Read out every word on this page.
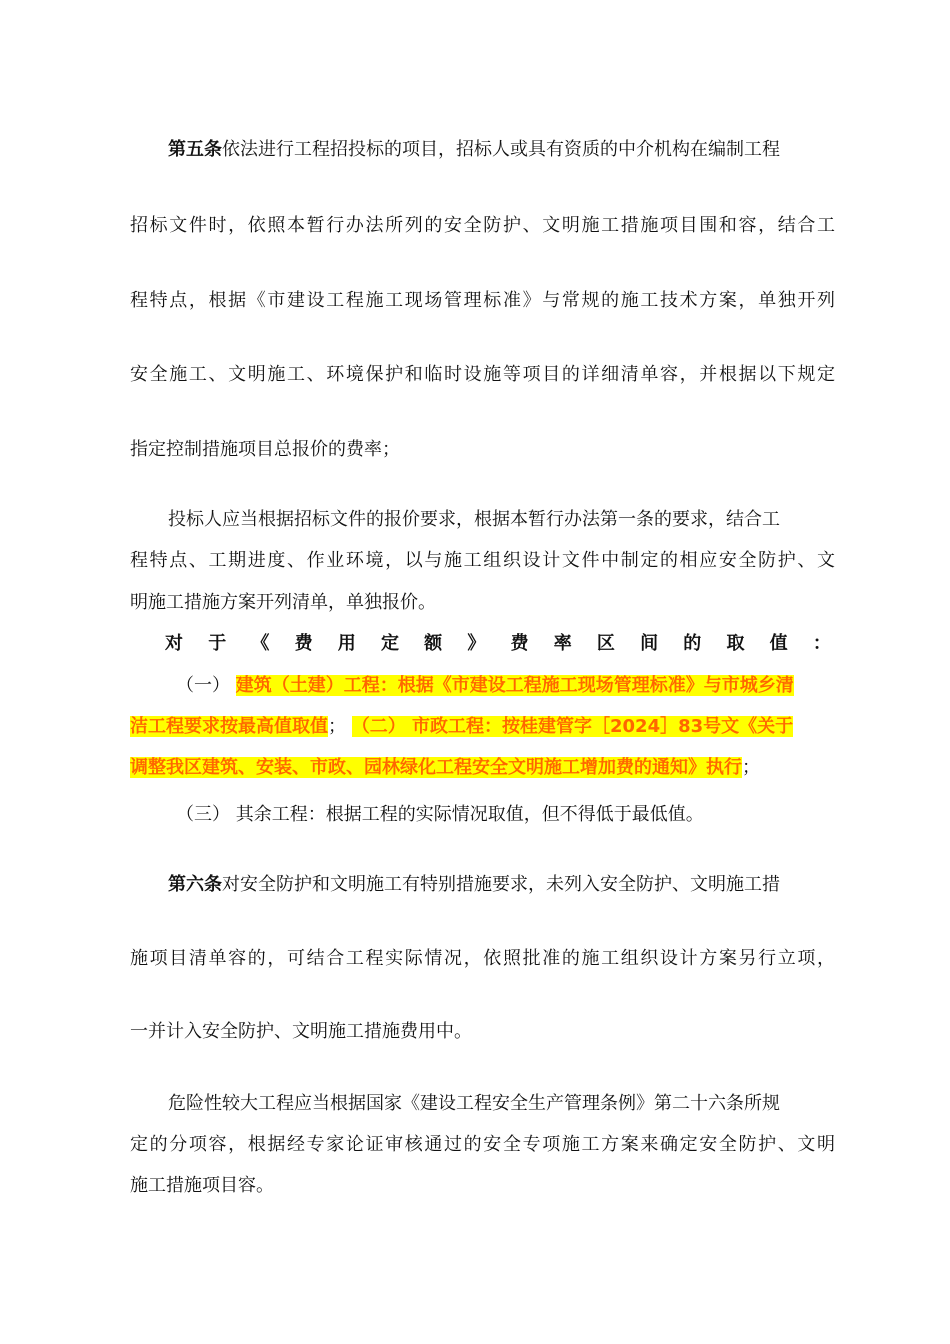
第五条依法进行工程招投标的项目，招标人或具有资质的中介机构在编制工程
招标文件时，依照本暂行办法所列的安全防护、文明施工措施项目围和容，结合工
程特点，根据《市建设工程施工现场管理标准》与常规的施工技术方案，单独开列
安全施工、文明施工、环境保护和临时设施等项目的详细清单容，并根据以下规定
指定控制措施项目总报价的费率；
投标人应当根据招标文件的报价要求，根据本暂行办法第一条的要求，结合工
程特点、工期进度、作业环境，以与施工组织设计文件中制定的相应安全防护、文
明施工措施方案开列清单，单独报价。
对 于 《 费 用 定 额 》 费 率 区 间 的 取 值 ：
（一） 建筑（土建）工程：根据《市建设工程施工现场管理标准》与市城乡清
洁工程要求按最高值取值； （二） 市政工程：按桂建管字［2024］83号文《关于
调整我区建筑、安装、市政、园林绿化工程安全文明施工增加费的通知》执行；
（三） 其余工程：根据工程的实际情况取值，但不得低于最低值。
第六条对安全防护和文明施工有特别措施要求，未列入安全防护、文明施工措
施项目清单容的，可结合工程实际情况，依照批准的施工组织设计方案另行立项，
一并计入安全防护、文明施工措施费用中。
危险性较大工程应当根据国家《建设工程安全生产管理条例》第二十六条所规
定的分项容，根据经专家论证审核通过的安全专项施工方案来确定安全防护、文明
施工措施项目容。
